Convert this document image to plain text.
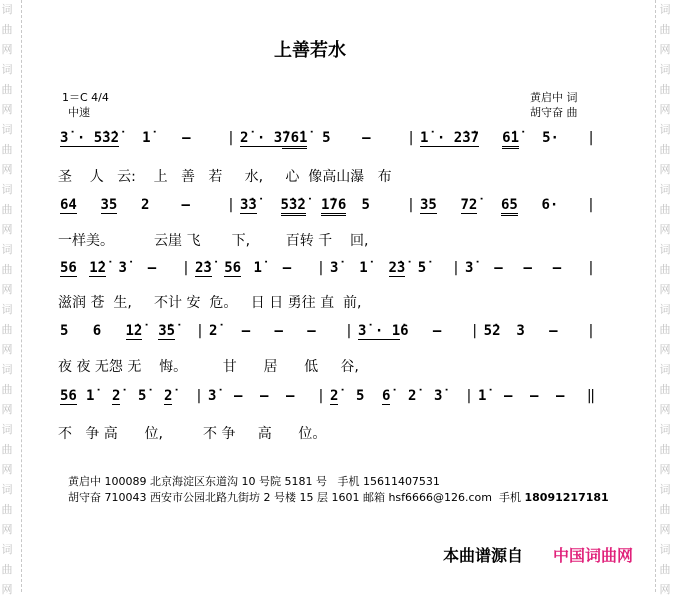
词
曲
网
词
曲
网
词
曲
网
词
曲
网
词
曲
网
词
曲
网
词
曲
网
词
曲
网
词
曲
网
词
曲
网
词
曲
网
词
曲
网
词
曲
网
词
曲
网
词
曲
网
词
曲
网
词
曲
网
词
曲
网
词
曲
网
词
曲
网
上善若水
1＝C 4/4
中速
黄启中 词
胡守奋 曲
3̇ · 5̇ 3̇2̇	1̇	—	| 2̇ · 3̇ 76̇1̇	5	—	| 1̇ · 2̇ 3̇7	6̇1̇	5·	|
圣    人   云:    上   善   若     水,     心  像高山瀑   布
64	35	2	—	| 3̇3̇	5̇3̇2̇	1̇76	5	| 35	72̇	65	6·	|
一样美。         云崖 飞       下,        百转 千    回,
56 1̇2̇ 3̇	—	| 2̇3̇ 56 1̇	—	| 3̇	1̇	2̇3̇ 5̇	| 3̇	—	—	—	|
滋润 苍  生,     不计 安  危。   日 日 勇往 直  前,
5	6	1̇2̇	3̇5̇	| 2̇	—	—	—	| 3̇ · 1̇ 6	—	| 5̇2	3	—	|
夜 夜 无怨 无    悔。        甘      居      低     谷,
56 1̇	2̇	5̇	2̇	| 3̇	—	—	—	| 2̇	5	6̇	2̇	3̇	| 1̇	—	—	—	‖
不   争 高      位,         不 争     高      位。
黄启中 100089 北京海淀区东道沟 10 号院 5181 号   手机 15611407531
胡守奋 710043 西安市公园北路九街坊 2 号楼 15 层 1601 邮箱 hsf6666@126.com  手机 18091217181
本曲谱源自 中国词曲网
